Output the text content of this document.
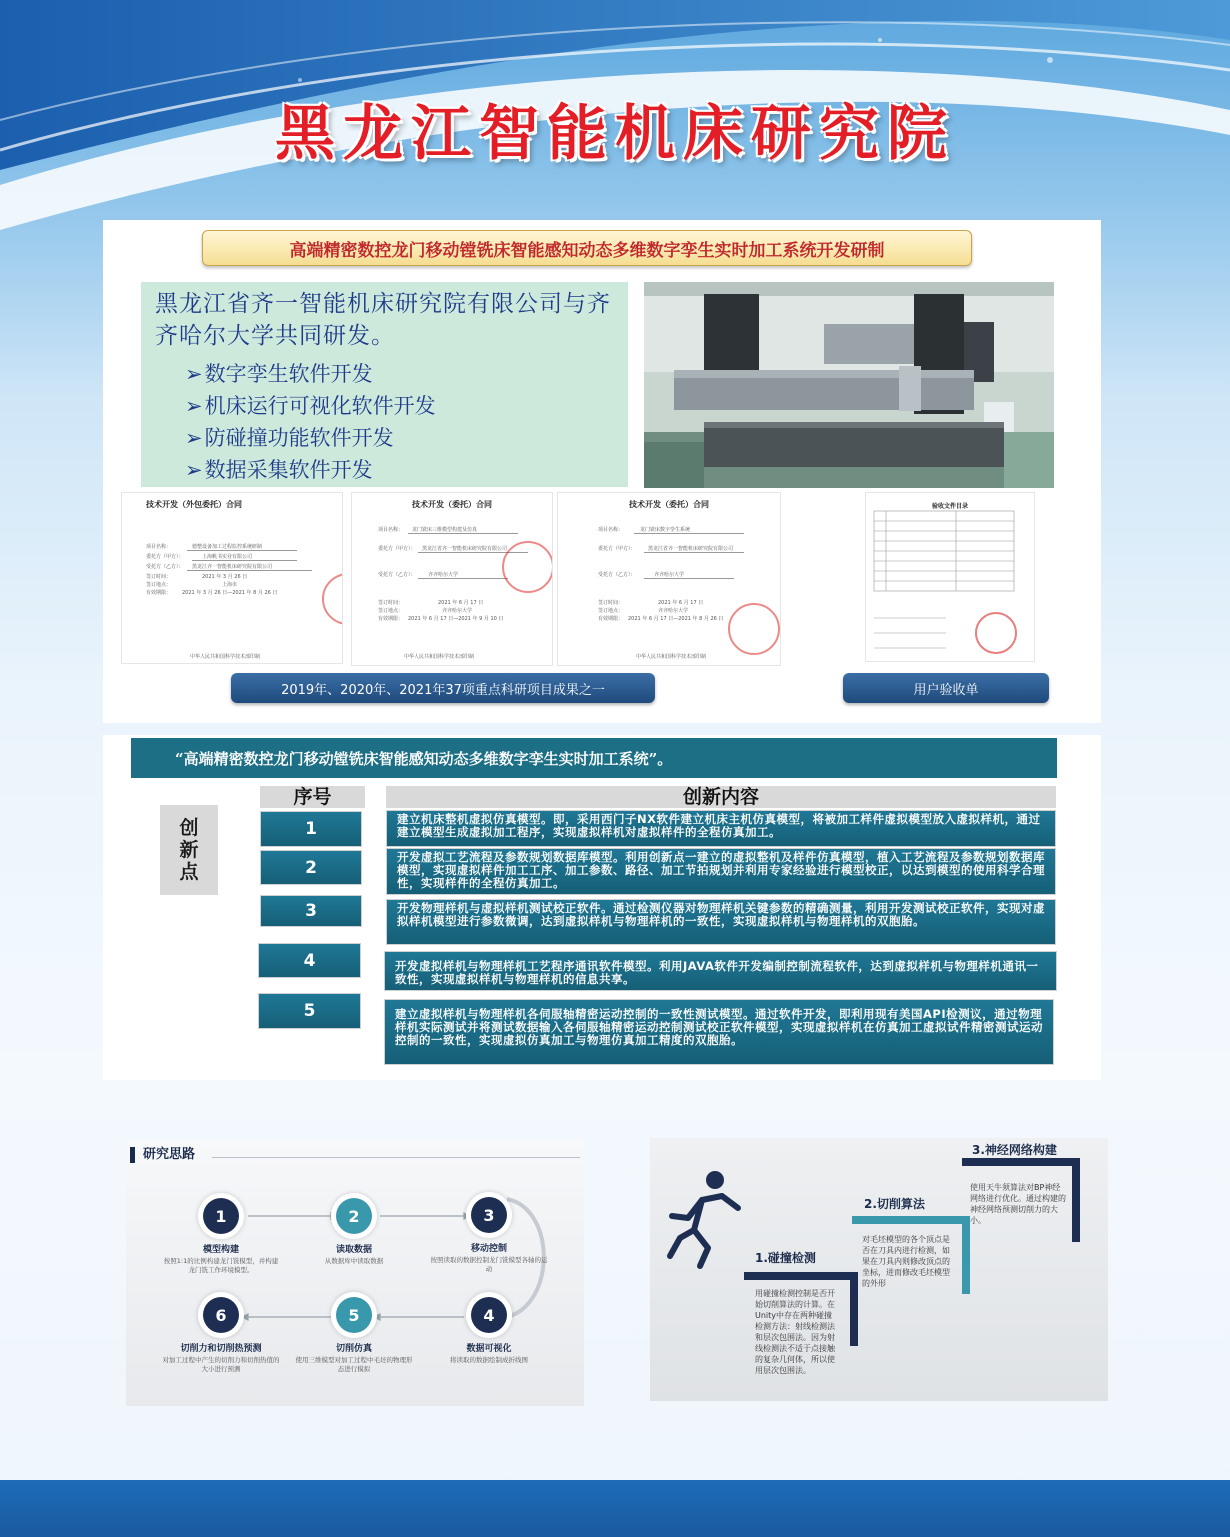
黑龙江智能机床研究院
高端精密数控龙门移动镗铣床智能感知动态多维数字孪生实时加工系统开发研制
黑龙江省齐一智能机床研究院有限公司与齐齐哈尔大学共同研发。
➢数字孪生软件开发
➢机床运行可视化软件开发
➢防碰撞功能软件开发
➢数据采集软件开发
技术开发（外包委托）合同
项目名称：	德整设备加工过程监控系统研制
委托方（甲方）：	上海帆书实业有限公司
受托方（乙方）： 黑龙江齐一智能机床研究院有限公司
签订时间：	2021 年 3 月 26 日
签订地点：	上海市
有效期限： 2021 年 3 月 26 日—2021 年 8 月 26 日
中华人民共和国科学技术部印制
技术开发（委托）合同
项目名称： 龙门铣床三维模型构建及仿真
委托方（甲方）： 黑龙江省齐一智能机床研究院有限公司
受托方（乙方）： 齐齐哈尔大学
签订时间：	2021 年 6 月 17 日
签订地点：	齐齐哈尔大学
有效期限： 2021 年 6 月 17 日—2021 年 9 月 10 日
中华人民共和国科学技术部印制
技术开发（委托）合同
项目名称：	龙门铣床数字孪生系统
委托方（甲方）： 黑龙江省齐一智能机床研究院有限公司
受托方（乙方）：	齐齐哈尔大学
签订时间：	2021 年 6 月 17 日
签订地点：	齐齐哈尔大学
有效期限： 2021 年 6 月 17 日—2021 年 8 月 26 日
中华人民共和国科学技术部印制
验收文件目录
2019年、2020年、2021年37项重点科研项目成果之一	用户验收单
“高端精密数控龙门移动镗铣床智能感知动态多维数字孪生实时加工系统”。
创
新
点
序号	创新内容
1	建立机床整机虚拟仿真模型。即，采用西门子NX软件建立机床主机仿真模型，将被加工样件虚拟模型放入虚拟样机，通过建立模型生成虚拟加工程序，实现虚拟样机对虚拟样件的全程仿真加工。
2
开发虚拟工艺流程及参数规划数据库模型。利用创新点一建立的虚拟整机及样件仿真模型，植入工艺流程及参数规划数据库模型，实现虚拟样件加工工序、加工参数、路径、加工节拍规划并利用专家经验进行模型校正，以达到模型的使用科学合理性，实现样件的全程仿真加工。
3	开发物理样机与虚拟样机测试校正软件。通过检测仪器对物理样机关键参数的精确测量，利用开发测试校正软件，实现对虚拟样机模型进行参数微调，达到虚拟样机与物理样机的一致性，实现虚拟样机与物理样机的双胞胎。
4	开发虚拟样机与物理样机工艺程序通讯软件模型。利用JAVA软件开发编制控制流程软件，达到虚拟样机与物理样机通讯一致性，实现虚拟样机与物理样机的信息共享。
5	建立虚拟样机与物理样机各伺服轴精密运动控制的一致性测试模型。通过软件开发，即利用现有美国API检测议，通过物理样机实际测试并将测试数据输入各伺服轴精密运动控制测试校正软件模型，实现虚拟样机在仿真加工虚拟试件精密测试运动控制的一致性，实现虚拟仿真加工与物理仿真加工精度的双胞胎。
研究思路
1
模型构建
按照1:1的比例构建龙门铣模型，并构建龙门铣工作环境模型。
2
读取数据
从数据库中读取数据
3
移动控制
按照读取的数据控制龙门铣模型各轴的运动
4
数据可视化
将读取的数据绘制成折线图
5
切削仿真
使用三维模型对加工过程中毛坯的物理形态进行模拟
6
切削力和切削热预测
对加工过程中产生的切削力和切削热值的大小进行预测
1.碰撞检测
用碰撞检测控制是否开始切削算法的计算。在Unity中存在两种碰撞检测方法：射线检测法和层次包围法。因为射线检测法不适于点接触的复杂几何体，所以使用层次包围法。
2.切削算法
对毛坯模型的各个顶点是否在刀具内进行检测，如果在刀具内则修改顶点的坐标，进而修改毛坯模型的外形
3.神经网络构建
使用天牛须算法对BP神经网络进行优化。通过构建的神经网络预测切削力的大小。
